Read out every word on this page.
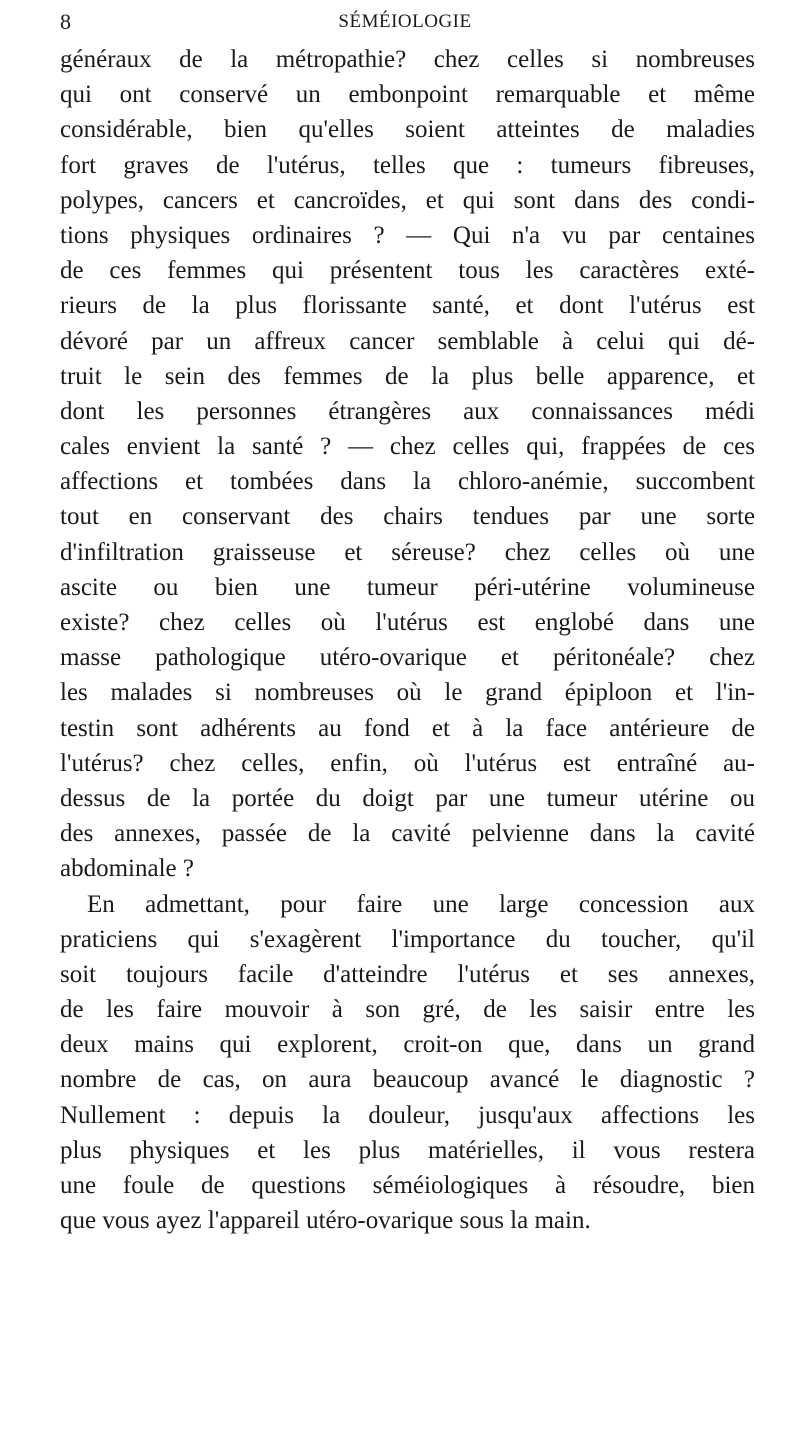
8	SÉMÉIOLOGIE
généraux de la métropathie? chez celles si nombreuses
qui ont conservé un embonpoint remarquable et même
considérable, bien qu'elles soient atteintes de maladies
fort graves de l'utérus, telles que : tumeurs fibreuses,
polypes, cancers et cancroïdes, et qui sont dans des condi-
tions physiques ordinaires ? — Qui n'a vu par centaines
de ces femmes qui présentent tous les caractères exté-
rieurs de la plus florissante santé, et dont l'utérus est
dévoré par un affreux cancer semblable à celui qui dé-
truit le sein des femmes de la plus belle apparence, et
dont les personnes étrangères aux connaissances médi
cales envient la santé ? — chez celles qui, frappées de ces
affections et tombées dans la chloro-anémie, succombent
tout en conservant des chairs tendues par une sorte
d'infiltration graisseuse et séreuse? chez celles où une
ascite ou bien une tumeur péri-utérine volumineuse
existe? chez celles où l'utérus est englobé dans une
masse pathologique utéro-ovarique et péritonéale? chez
les malades si nombreuses où le grand épiploon et l'in-
testin sont adhérents au fond et à la face antérieure de
l'utérus? chez celles, enfin, où l'utérus est entraîné au-
dessus de la portée du doigt par une tumeur utérine ou
des annexes, passée de la cavité pelvienne dans la cavité
abdominale ?
En admettant, pour faire une large concession aux
praticiens qui s'exagèrent l'importance du toucher, qu'il
soit toujours facile d'atteindre l'utérus et ses annexes,
de les faire mouvoir à son gré, de les saisir entre les
deux mains qui explorent, croit-on que, dans un grand
nombre de cas, on aura beaucoup avancé le diagnostic ?
Nullement : depuis la douleur, jusqu'aux affections les
plus physiques et les plus matérielles, il vous restera
une foule de questions séméiologiques à résoudre, bien
que vous ayez l'appareil utéro-ovarique sous la main.
